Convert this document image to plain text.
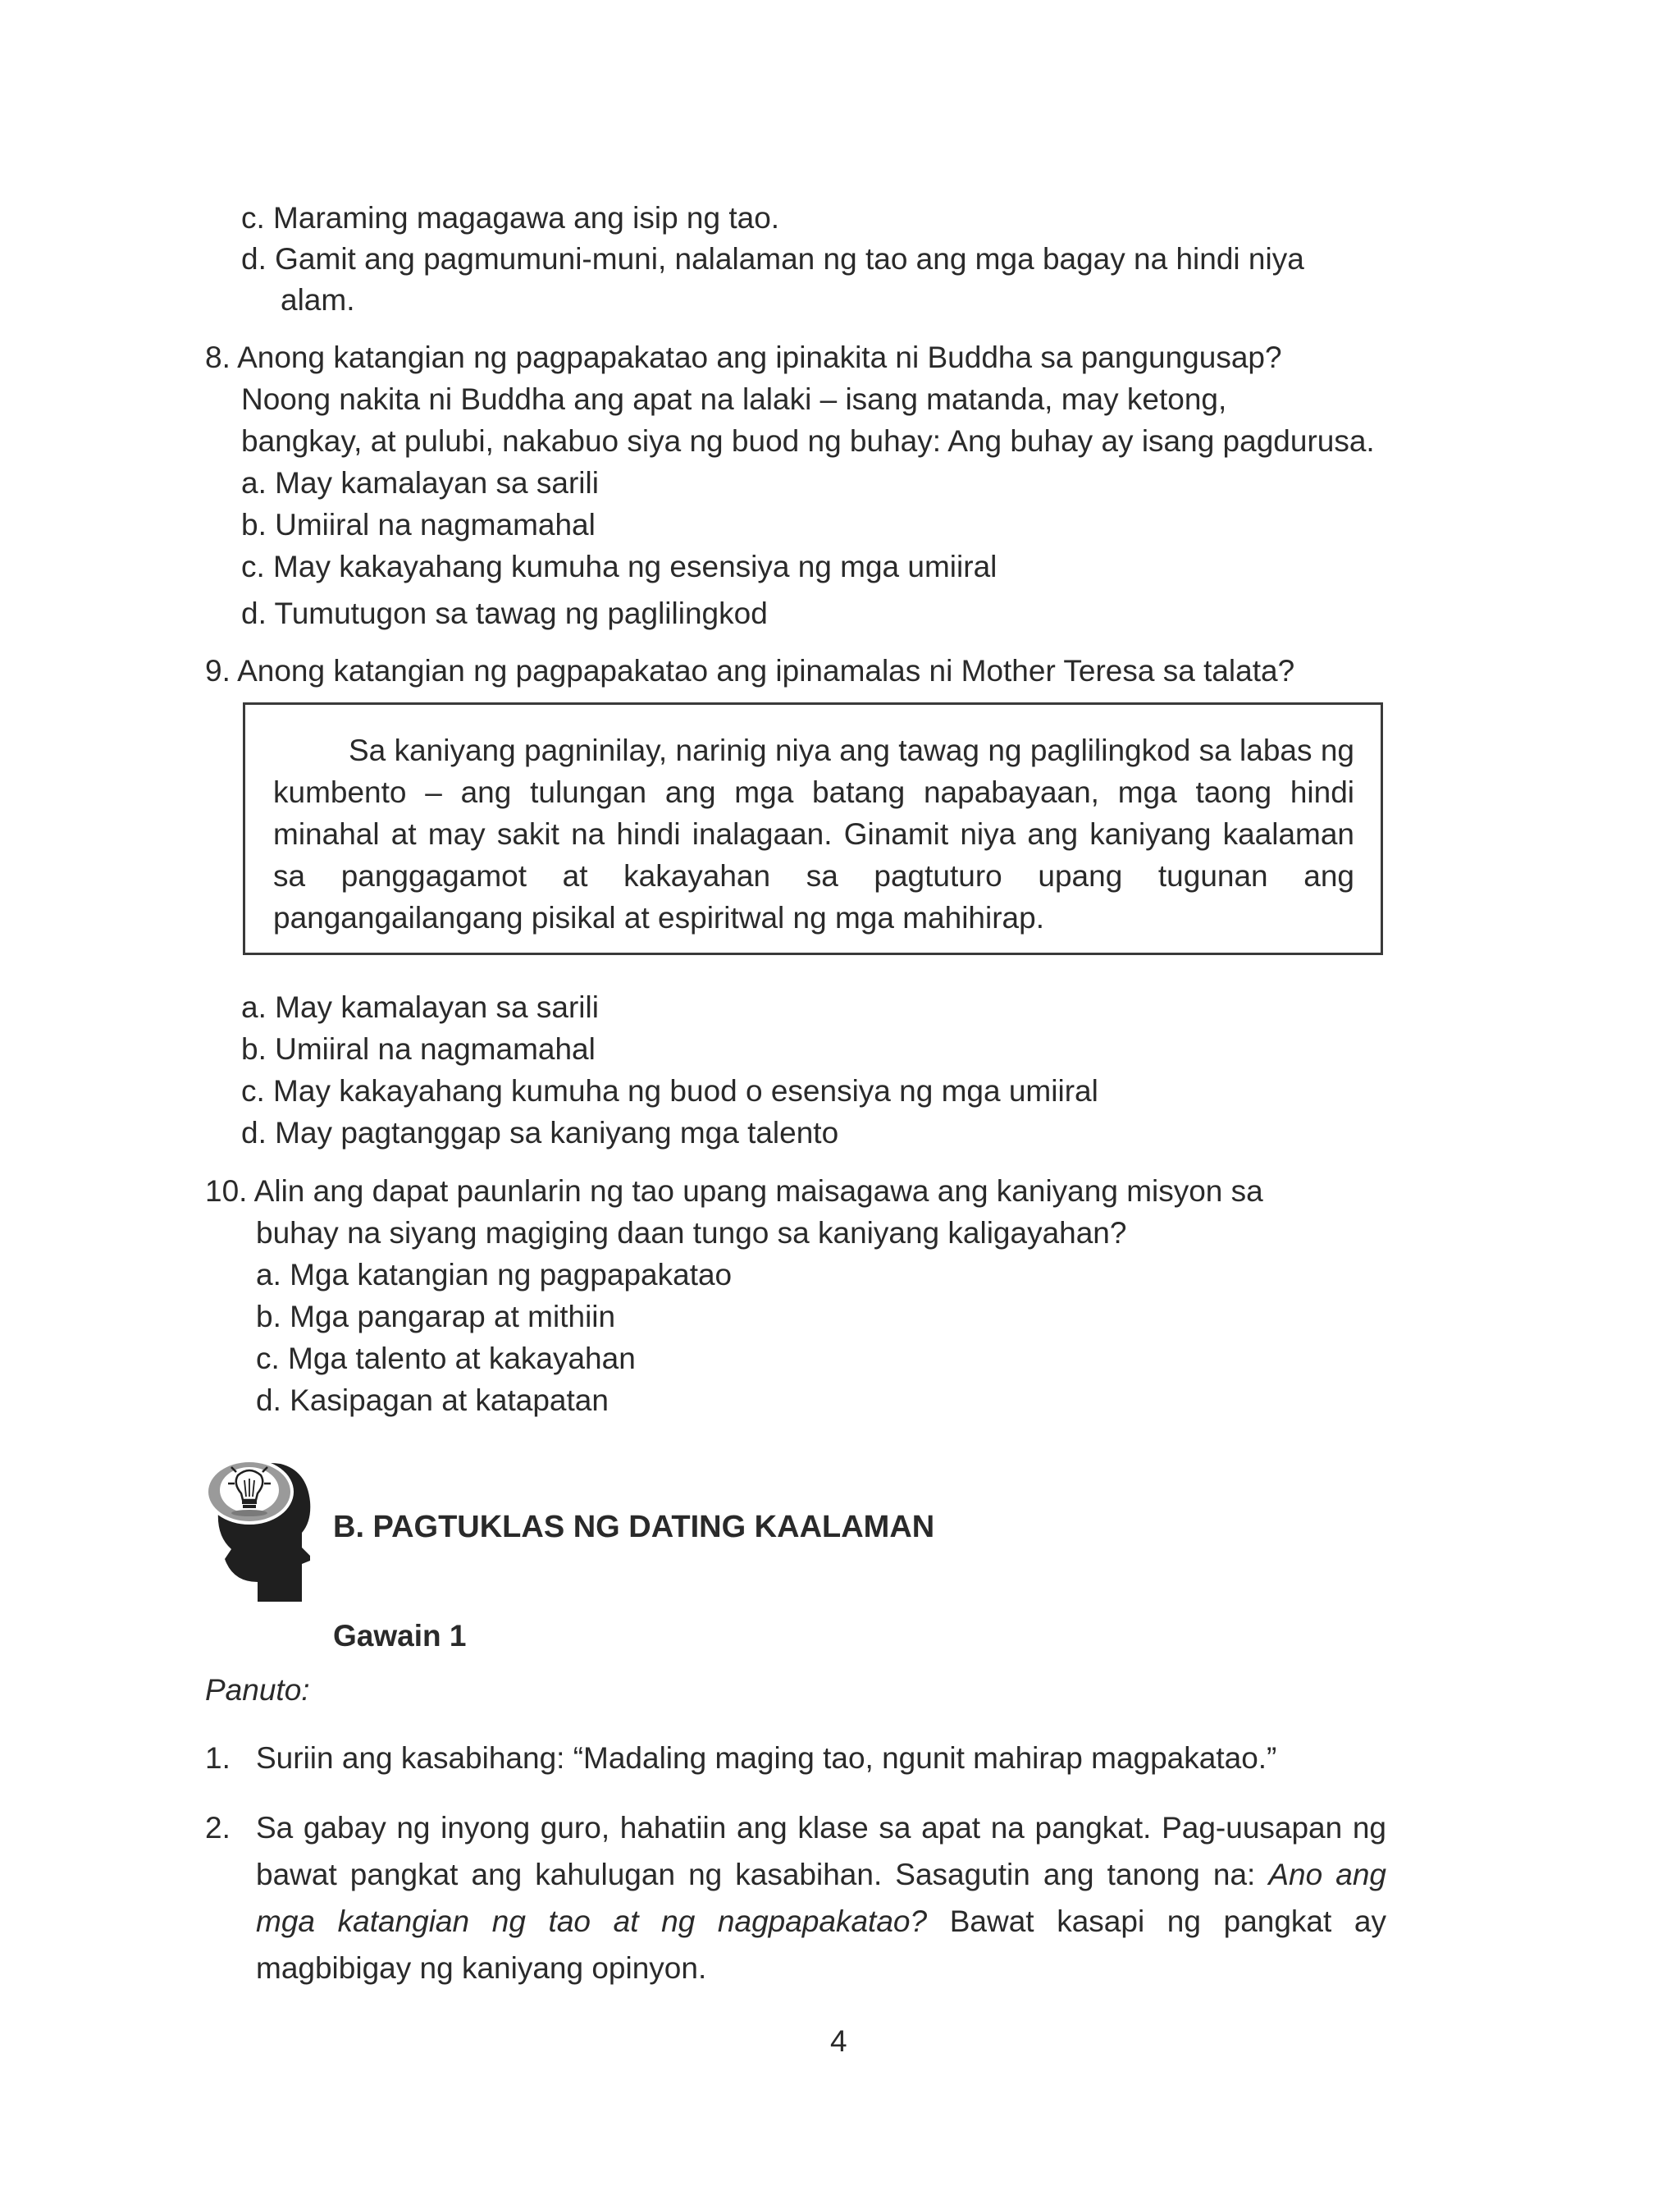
c. Maraming magagawa ang isip ng tao.
d. Gamit ang pagmumuni-muni, nalalaman ng tao ang mga bagay na hindi niya
alam.
8. Anong katangian ng pagpapakatao ang ipinakita ni Buddha sa pangungusap?
Noong nakita ni Buddha ang apat na lalaki – isang matanda, may ketong,
bangkay, at pulubi, nakabuo siya ng buod ng buhay: Ang buhay ay isang pagdurusa.
a. May kamalayan sa sarili
b. Umiiral na nagmamahal
c. May kakayahang kumuha ng esensiya ng mga umiiral
d. Tumutugon sa tawag ng paglilingkod
9. Anong katangian ng pagpapakatao ang ipinamalas ni Mother Teresa sa talata?

Sa kaniyang pagninilay, narinig niya ang tawag ng paglilingkod sa labas ng kumbento – ang tulungan ang mga batang napabayaan, mga taong hindi minahal at may sakit na hindi inalagaan. Ginamit niya ang kaniyang kaalaman sa panggagamot at kakayahan sa pagtuturo upang tugunan ang pangangailangang pisikal at espiritwal ng mga mahihirap.

a. May kamalayan sa sarili
b. Umiiral na nagmamahal
c. May kakayahang kumuha ng buod o esensiya ng mga umiiral
d. May pagtanggap sa kaniyang mga talento
10. Alin ang dapat paunlarin ng tao upang maisagawa ang kaniyang misyon sa
buhay na siyang magiging daan tungo sa kaniyang kaligayahan?
a. Mga katangian ng pagpapakatao
b. Mga pangarap at mithiin
c. Mga talento at kakayahan
d. Kasipagan at katapatan
B. PAGTUKLAS NG DATING KAALAMAN
Gawain 1
Panuto:
1. Suriin ang kasabihang: “Madaling maging tao, ngunit mahirap magpakatao.”
2. Sa gabay ng inyong guro, hahatiin ang klase sa apat na pangkat. Pag-uusapan ng bawat pangkat ang kahulugan ng kasabihan. Sasagutin ang tanong na: Ano ang mga katangian ng tao at ng nagpapakatao? Bawat kasapi ng pangkat ay magbibigay ng kaniyang opinyon.
4
